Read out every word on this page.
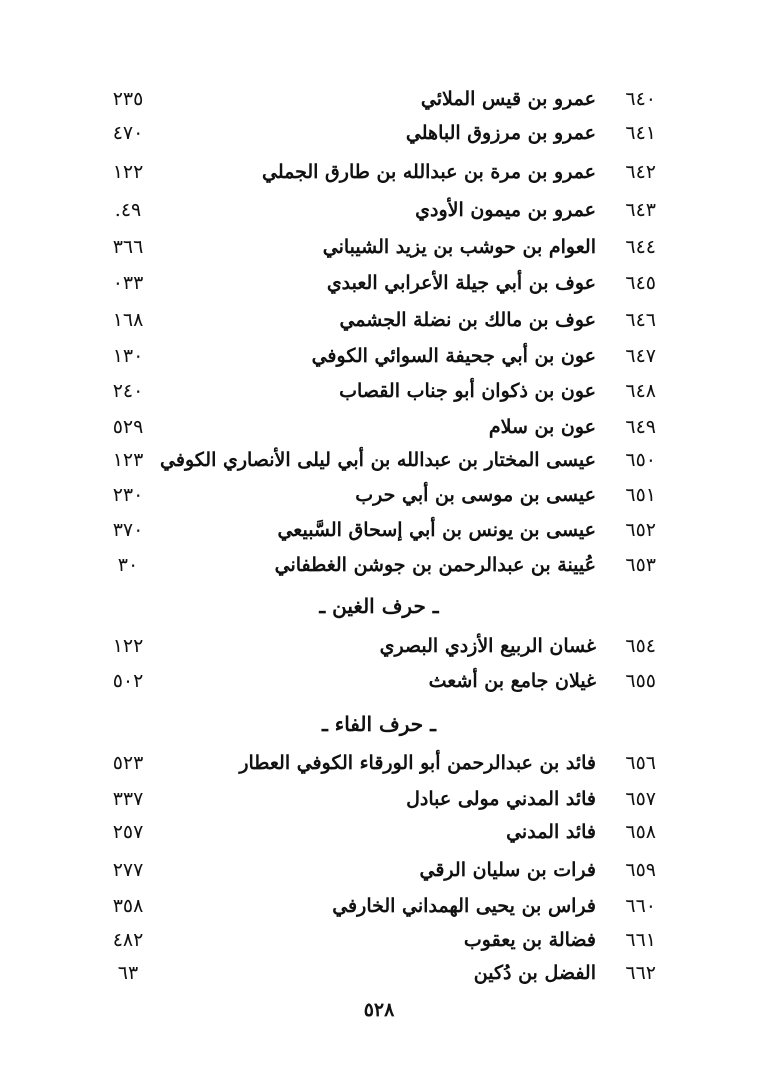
٦٤٠
عمرو بن قيس الملائي
٢٣٥
٦٤١
عمرو بن مرزوق الباهلي
٤٧٠
٦٤٢
عمرو بن مرة بن عبدالله بن طارق الجملي
١٢٢
٦٤٣
عمرو بن ميمون الأودي
.٤٩
٦٤٤
العوام بن حوشب بن يزيد الشيباني
٣٦٦
٦٤٥
عوف بن أبي جيلة الأعرابي العبدي
٠٣٣
٦٤٦
عوف بن مالك بن نضلة الجشمي
١٦٨
٦٤٧
عون بن أبي جحيفة السوائي الكوفي
١٣٠
٦٤٨
عون بن ذكوان أبو جناب القصاب
٢٤٠
٦٤٩
عون بن سلام
٥٢٩
٦٥٠
عيسى المختار بن عبدالله بن أبي ليلى الأنصاري الكوفي
١٢٣
٦٥١
عيسى بن موسى بن أبي حرب
٢٣٠
٦٥٢
عيسى بن يونس بن أبي إسحاق السَّبيعي
٣٧٠
٦٥٣
عُيينة بن عبدالرحمن بن جوشن الغطفاني
٣٠
ـ حرف الغين ـ
٦٥٤
غسان الربيع الأزدي البصري
١٢٢
٦٥٥
غيلان جامع بن أشعث
٥٠٢
ـ حرف الفاء ـ
٦٥٦
فائد بن عبدالرحمن أبو الورقاء الكوفي العطار
٥٢٣
٦٥٧
فائد المدني مولى عبادل
٣٣٧
٦٥٨
فائد المدني
٢٥٧
٦٥٩
فرات بن سليان الرقي
٢٧٧
٦٦٠
فراس بن يحيى الهمداني الخارفي
٣٥٨
٦٦١
فضالة بن يعقوب
٤٨٢
٦٦٢
الفضل بن دُكين
٦٣
٥٢٨
